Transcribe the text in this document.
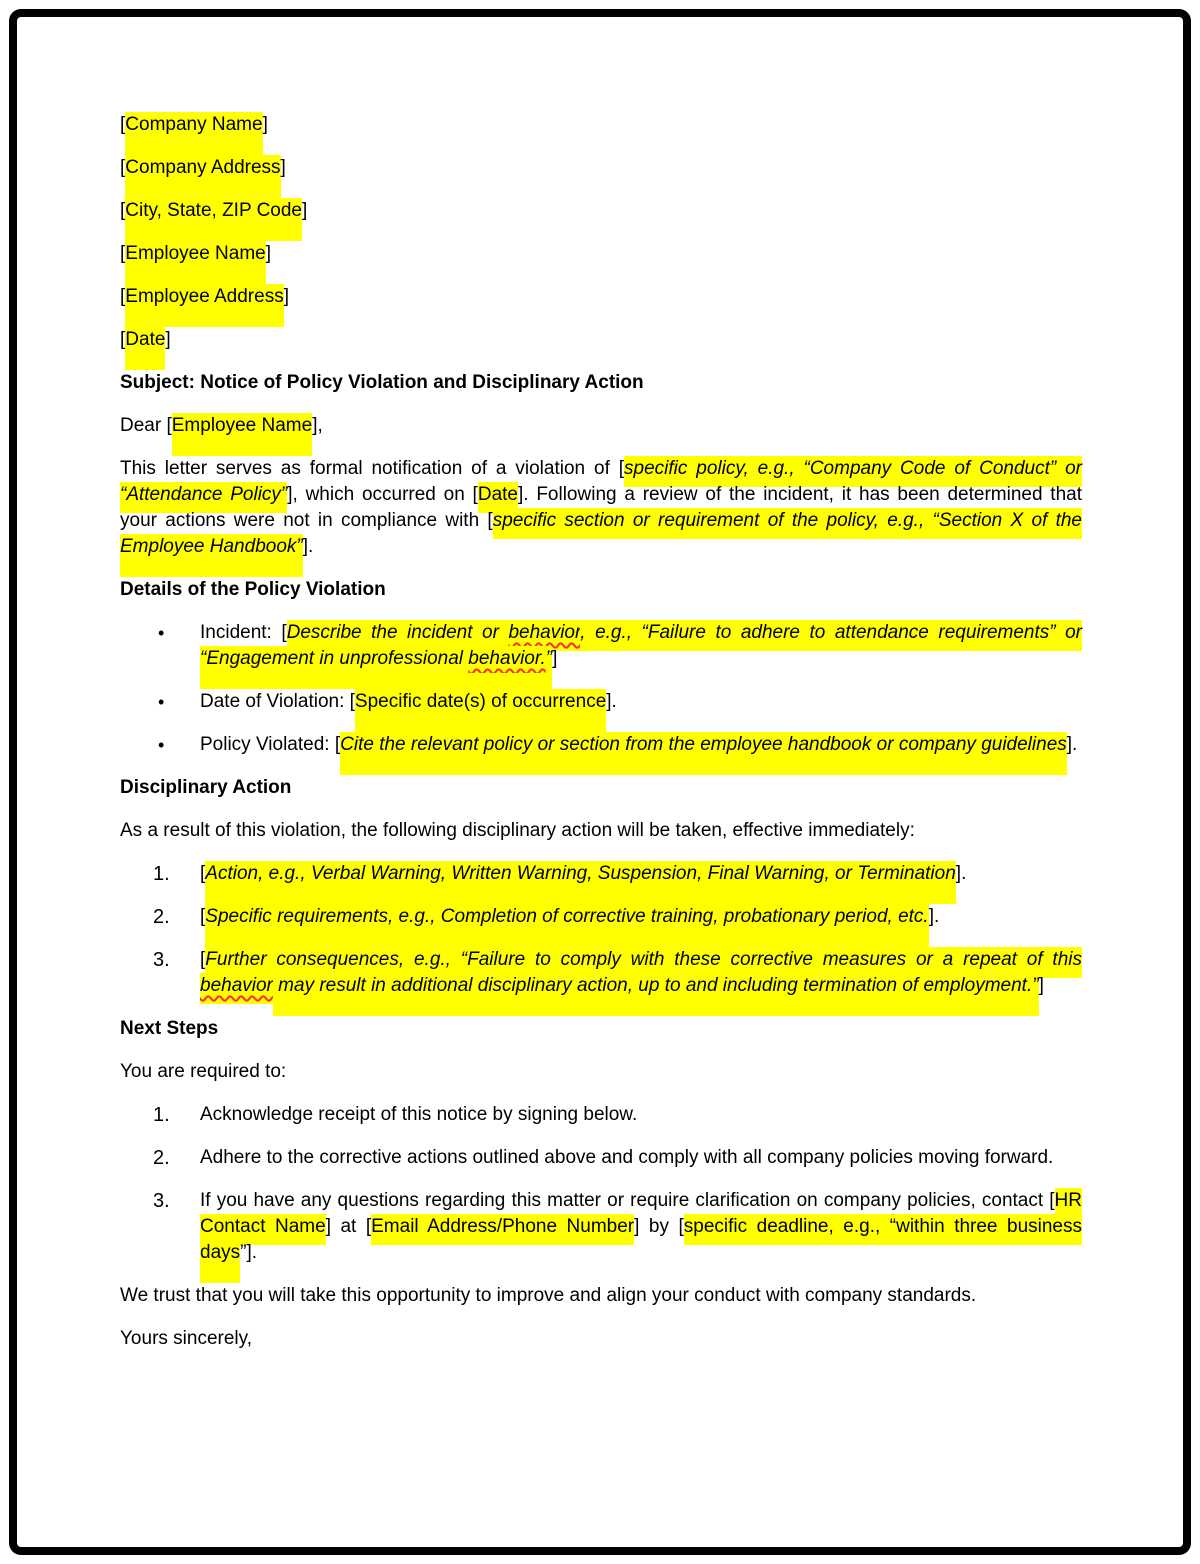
[Company Name]
[Company Address]
[City, State, ZIP Code]
[Employee Name]
[Employee Address]
[Date]
Subject: Notice of Policy Violation and Disciplinary Action
Dear [Employee Name],
This letter serves as formal notification of a violation of [specific policy, e.g., “Company Code of Conduct” or “Attendance Policy”], which occurred on [Date]. Following a review of the incident, it has been determined that your actions were not in compliance with [specific section or requirement of the policy, e.g., “Section X of the Employee Handbook”].
Details of the Policy Violation
• Incident: [Describe the incident or behavior, e.g., “Failure to adhere to attendance requirements” or “Engagement in unprofessional behavior.”]
• Date of Violation: [Specific date(s) of occurrence].
• Policy Violated: [Cite the relevant policy or section from the employee handbook or company guidelines].
Disciplinary Action
As a result of this violation, the following disciplinary action will be taken, effective immediately:
1. [Action, e.g., Verbal Warning, Written Warning, Suspension, Final Warning, or Termination].
2. [Specific requirements, e.g., Completion of corrective training, probationary period, etc.].
3. [Further consequences, e.g., “Failure to comply with these corrective measures or a repeat of this behavior may result in additional disciplinary action, up to and including termination of employment.”]
Next Steps
You are required to:
1. Acknowledge receipt of this notice by signing below.
2. Adhere to the corrective actions outlined above and comply with all company policies moving forward.
3. If you have any questions regarding this matter or require clarification on company policies, contact [HR Contact Name] at [Email Address/Phone Number] by [specific deadline, e.g., “within three business days”].
We trust that you will take this opportunity to improve and align your conduct with company standards.
Yours sincerely,
